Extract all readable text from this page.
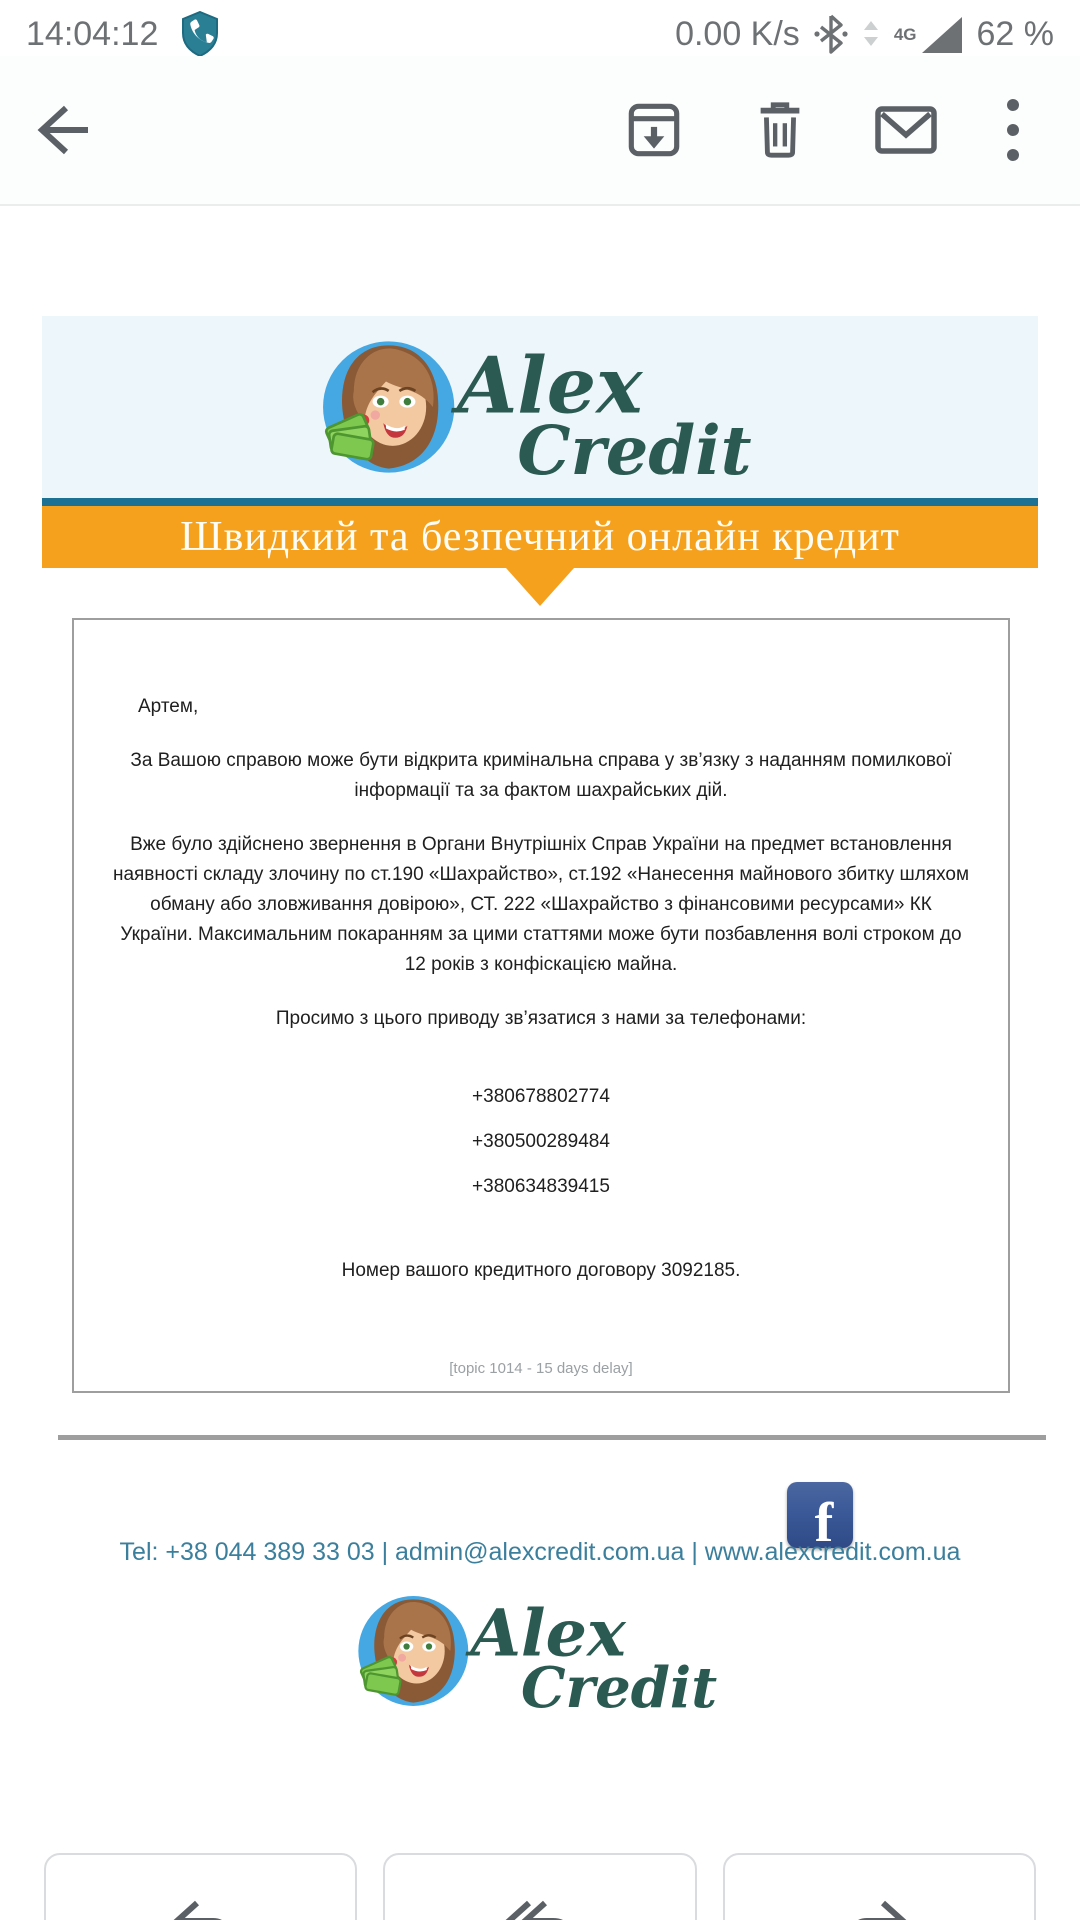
14:04:12	0.00 K/s	4G 62 %
Alex
Credit
Швидкий та безпечний онлайн кредит
Артем,
За Вашою справою може бути відкрита кримінальна справа у зв’язку з наданням помилкової інформації та за фактом шахрайських дій.
Вже було здійснено звернення в Органи Внутрішніх Справ України на предмет встановлення наявності складу злочину по ст.190 «Шахрайство», ст.192 «Нанесення майнового збитку шляхом обману або зловживання довірою», СТ. 222 «Шахрайство з фінансовими ресурсами» КК України. Максимальним покаранням за цими статтями може бути позбавлення волі строком до 12 років з конфіскацією майна.
Просимо з цього приводу зв’язатися з нами за телефонами:
+380678802774
+380500289484
+380634839415
Номер вашого кредитного договору 3092185.
[topic 1014 - 15 days delay]
f
Tel: +38 044 389 33 03 | admin@alexcredit.com.ua | www.alexcredit.com.ua
Alex
Credit
